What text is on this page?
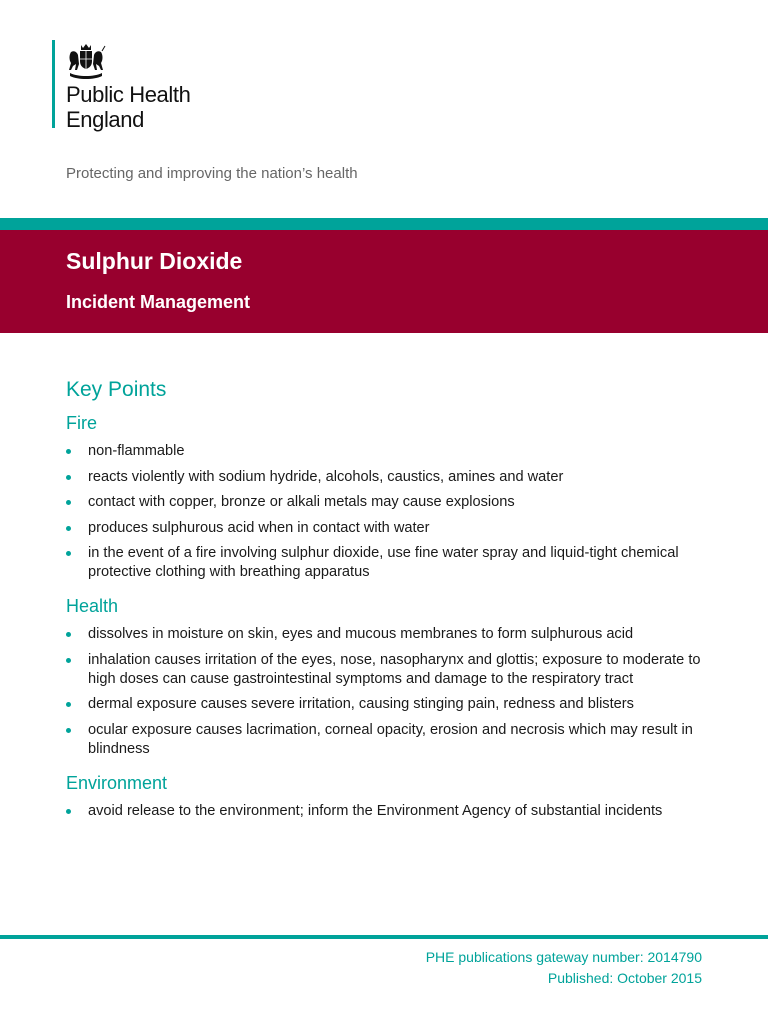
Public Health
England
Protecting and improving the nation’s health
Sulphur Dioxide
Incident Management
Key Points
Fire
non-flammable
reacts violently with sodium hydride, alcohols, caustics, amines and water
contact with copper, bronze or alkali metals may cause explosions
produces sulphurous acid when in contact with water
in the event of a fire involving sulphur dioxide, use fine water spray and liquid-tight chemical protective clothing with breathing apparatus
Health
dissolves in moisture on skin, eyes and mucous membranes to form sulphurous acid
inhalation causes irritation of the eyes, nose, nasopharynx and glottis; exposure to moderate to high doses can cause gastrointestinal symptoms and damage to the respiratory tract
dermal exposure causes severe irritation, causing stinging pain, redness and blisters
ocular exposure causes lacrimation, corneal opacity, erosion and necrosis which may result in blindness
Environment
avoid release to the environment; inform the Environment Agency of substantial incidents
PHE publications gateway number: 2014790
Published: October 2015
